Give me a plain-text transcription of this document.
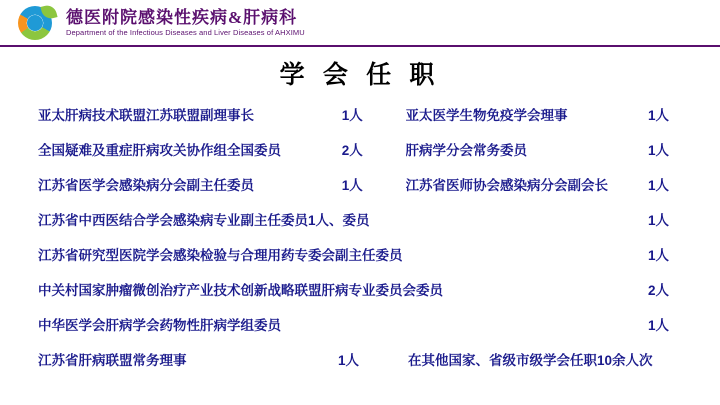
德医附院感染性疾病&肝病科
Department of the Infectious Diseases and Liver Diseases of AHXIMU
学 会 任 职
亚太肝病技术联盟江苏联盟副理事长	1人	亚太医学生物免疫学会理事	1人
全国疑难及重症肝病攻关协作组全国委员	2人	肝病学分会常务委员	1人
江苏省医学会感染病分会副主任委员	1人	江苏省医师协会感染病分会副会长	1人
江苏省中西医结合学会感染病专业副主任委员1人、委员	1人
江苏省研究型医院学会感染检验与合理用药专委会副主任委员	1人
中关村国家肿瘤微创治疗产业技术创新战略联盟肝病专业委员会委员	2人
中华医学会肝病学会药物性肝病学组委员	1人
江苏省肝病联盟常务理事	1人	在其他国家、省级市级学会任职10余人次
